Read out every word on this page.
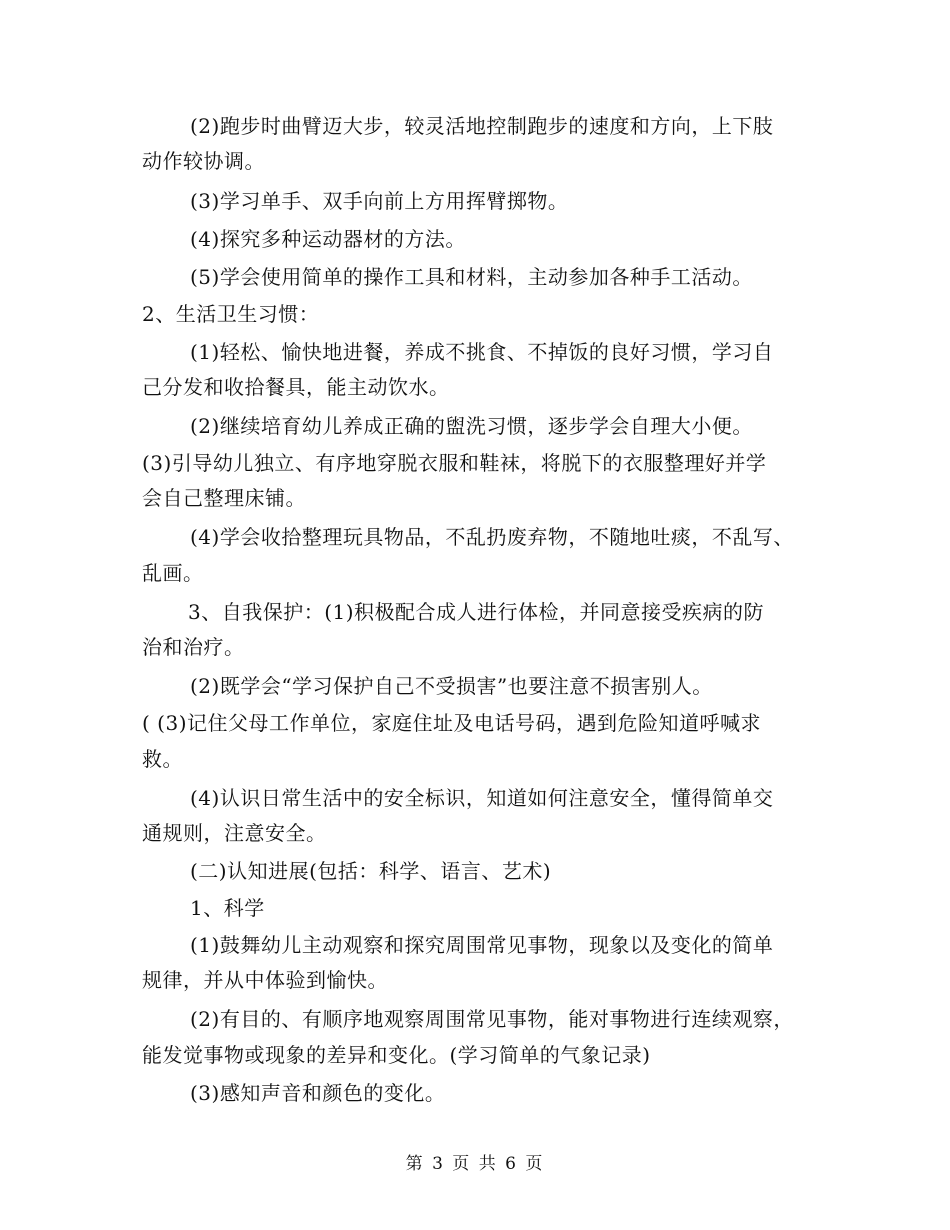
(2)跑步时曲臂迈大步，较灵活地控制跑步的速度和方向，上下肢
动作较协调。
(3)学习单手、双手向前上方用挥臂掷物。
(4)探究多种运动器材的方法。
(5)学会使用简单的操作工具和材料，主动参加各种手工活动。
2、生活卫生习惯：
(1)轻松、愉快地进餐，养成不挑食、不掉饭的良好习惯，学习自
己分发和收拾餐具，能主动饮水。
(2)继续培育幼儿养成正确的盥洗习惯，逐步学会自理大小便。
(3)引导幼儿独立、有序地穿脱衣服和鞋袜，将脱下的衣服整理好并学
会自己整理床铺。
(4)学会收拾整理玩具物品，不乱扔废弃物，不随地吐痰，不乱写、
乱画。
3、自我保护：(1)积极配合成人进行体检，并同意接受疾病的防
治和治疗。
(2)既学会“学习保护自己不受损害”也要注意不损害别人。
( (3)记住父母工作单位，家庭住址及电话号码，遇到危险知道呼喊求
救。
(4)认识日常生活中的安全标识，知道如何注意安全，懂得简单交
通规则，注意安全。
(二)认知进展(包括：科学、语言、艺术)
1、科学
(1)鼓舞幼儿主动观察和探究周围常见事物，现象以及变化的简单
规律，并从中体验到愉快。
(2)有目的、有顺序地观察周围常见事物，能对事物进行连续观察，
能发觉事物或现象的差异和变化。(学习简单的气象记录)
(3)感知声音和颜色的变化。
第 3 页 共 6 页
